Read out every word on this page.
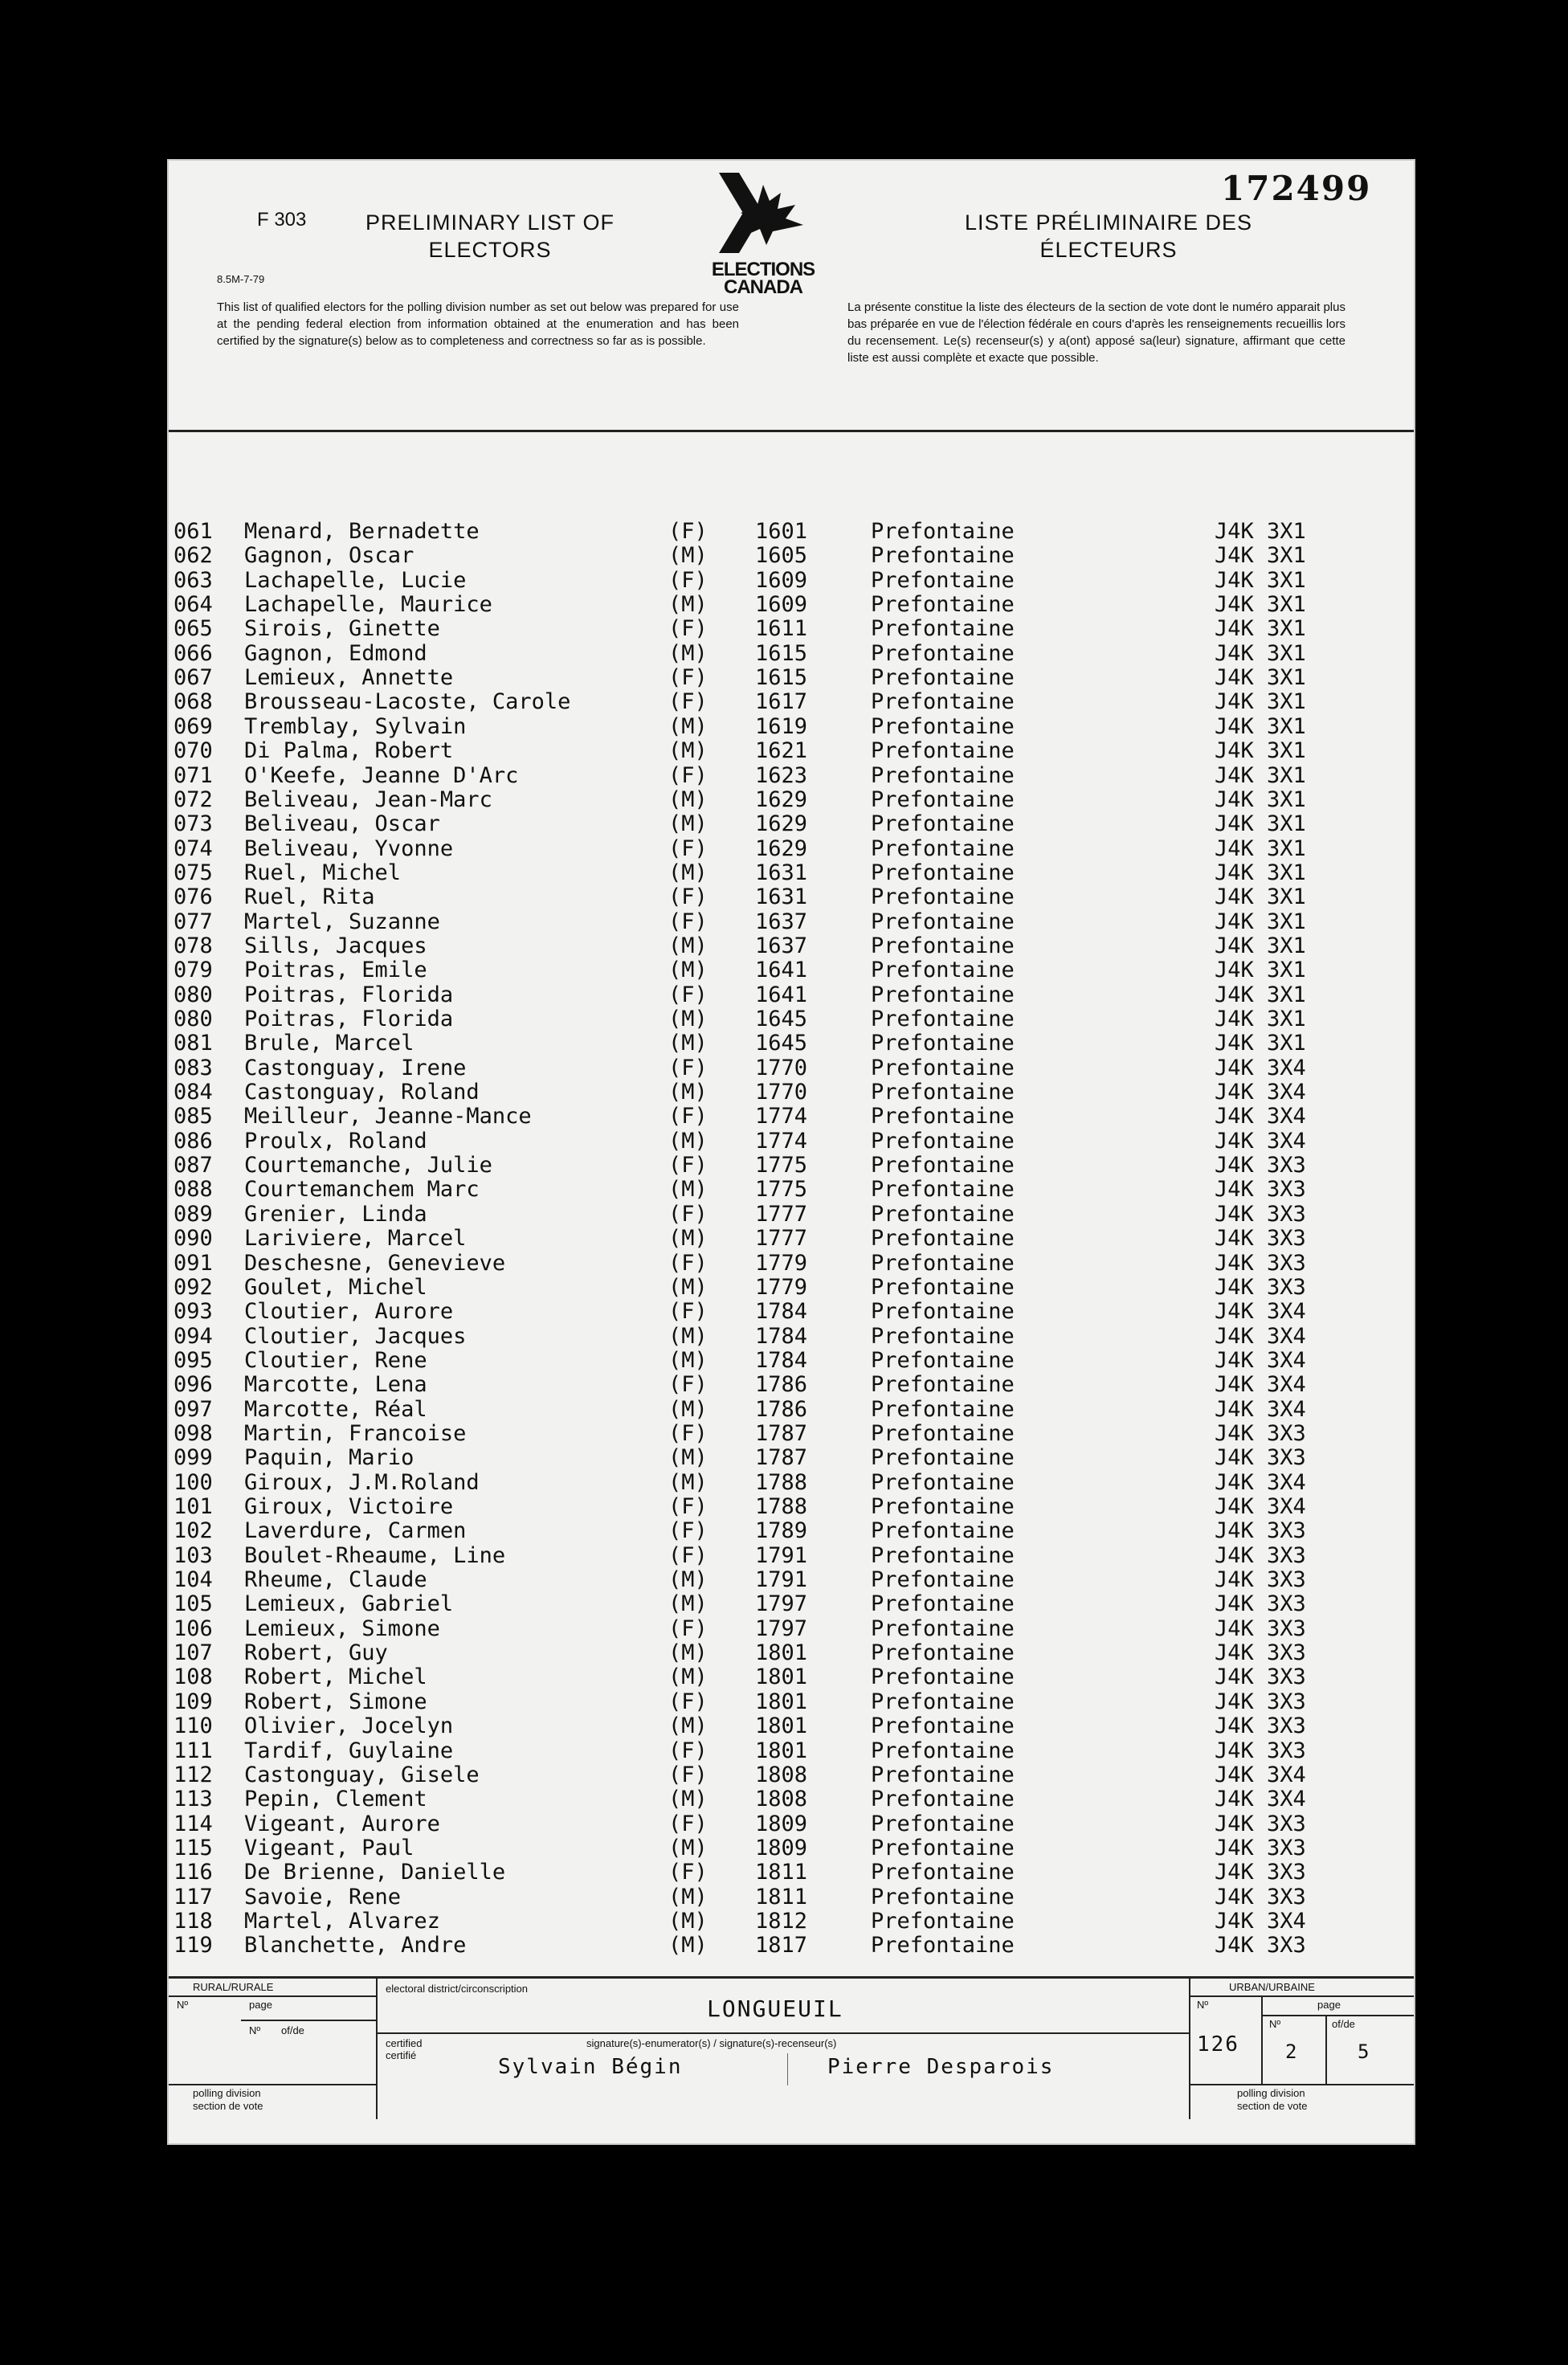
8.5M-7-79
F 303	PRELIMINARY LIST OF
ELECTORS
ELECTIONS
CANADA
172499
LISTE PRÉLIMINAIRE DES
ÉLECTEURS
This list of qualified electors for the polling division number as set out below was prepared for use at the pending federal election from information obtained at the enumeration and has been certified by the signature(s) below as to completeness and correctness so far as is possible.
La présente constitue la liste des électeurs de la section de vote dont le numéro apparait plus bas préparée en vue de l'élection fédérale en cours d'après les renseignements recueillis lors du recensement. Le(s) recenseur(s) y a(ont) apposé sa(leur) signature, affirmant que cette liste est aussi complète et exacte que possible.
061 Menard, Bernadette	(F) 1601	Prefontaine	J4K 3X1
062 Gagnon, Oscar	(M) 1605	Prefontaine	J4K 3X1
063 Lachapelle, Lucie	(F) 1609	Prefontaine	J4K 3X1
064 Lachapelle, Maurice	(M) 1609	Prefontaine	J4K 3X1
065 Sirois, Ginette	(F) 1611	Prefontaine	J4K 3X1
066 Gagnon, Edmond	(M) 1615	Prefontaine	J4K 3X1
067 Lemieux, Annette	(F) 1615	Prefontaine	J4K 3X1
068 Brousseau-Lacoste, Carole	(F) 1617	Prefontaine	J4K 3X1
069 Tremblay, Sylvain	(M) 1619	Prefontaine	J4K 3X1
070 Di Palma, Robert	(M) 1621	Prefontaine	J4K 3X1
071 O'Keefe, Jeanne D'Arc	(F) 1623	Prefontaine	J4K 3X1
072 Beliveau, Jean-Marc	(M) 1629	Prefontaine	J4K 3X1
073 Beliveau, Oscar	(M) 1629	Prefontaine	J4K 3X1
074 Beliveau, Yvonne	(F) 1629	Prefontaine	J4K 3X1
075 Ruel, Michel	(M) 1631	Prefontaine	J4K 3X1
076 Ruel, Rita	(F) 1631	Prefontaine	J4K 3X1
077 Martel, Suzanne	(F) 1637	Prefontaine	J4K 3X1
078 Sills, Jacques	(M) 1637	Prefontaine	J4K 3X1
079 Poitras, Emile	(M) 1641	Prefontaine	J4K 3X1
080 Poitras, Florida	(F) 1641	Prefontaine	J4K 3X1
080 Poitras, Florida	(M) 1645	Prefontaine	J4K 3X1
081 Brule, Marcel	(M) 1645	Prefontaine	J4K 3X1
083 Castonguay, Irene	(F) 1770	Prefontaine	J4K 3X4
084 Castonguay, Roland	(M) 1770	Prefontaine	J4K 3X4
085 Meilleur, Jeanne-Mance	(F) 1774	Prefontaine	J4K 3X4
086 Proulx, Roland	(M) 1774	Prefontaine	J4K 3X4
087 Courtemanche, Julie	(F) 1775	Prefontaine	J4K 3X3
088 Courtemanchem Marc	(M) 1775	Prefontaine	J4K 3X3
089 Grenier, Linda	(F) 1777	Prefontaine	J4K 3X3
090 Lariviere, Marcel	(M) 1777	Prefontaine	J4K 3X3
091 Deschesne, Genevieve	(F) 1779	Prefontaine	J4K 3X3
092 Goulet, Michel	(M) 1779	Prefontaine	J4K 3X3
093 Cloutier, Aurore	(F) 1784	Prefontaine	J4K 3X4
094 Cloutier, Jacques	(M) 1784	Prefontaine	J4K 3X4
095 Cloutier, Rene	(M) 1784	Prefontaine	J4K 3X4
096 Marcotte, Lena	(F) 1786	Prefontaine	J4K 3X4
097 Marcotte, Réal	(M) 1786	Prefontaine	J4K 3X4
098 Martin, Francoise	(F) 1787	Prefontaine	J4K 3X3
099 Paquin, Mario	(M) 1787	Prefontaine	J4K 3X3
100 Giroux, J.M.Roland	(M) 1788	Prefontaine	J4K 3X4
101 Giroux, Victoire	(F) 1788	Prefontaine	J4K 3X4
102 Laverdure, Carmen	(F) 1789	Prefontaine	J4K 3X3
103 Boulet-Rheaume, Line	(F) 1791	Prefontaine	J4K 3X3
104 Rheume, Claude	(M) 1791	Prefontaine	J4K 3X3
105 Lemieux, Gabriel	(M) 1797	Prefontaine	J4K 3X3
106 Lemieux, Simone	(F) 1797	Prefontaine	J4K 3X3
107 Robert, Guy	(M) 1801	Prefontaine	J4K 3X3
108 Robert, Michel	(M) 1801	Prefontaine	J4K 3X3
109 Robert, Simone	(F) 1801	Prefontaine	J4K 3X3
110 Olivier, Jocelyn	(M) 1801	Prefontaine	J4K 3X3
111 Tardif, Guylaine	(F) 1801	Prefontaine	J4K 3X3
112 Castonguay, Gisele	(F) 1808	Prefontaine	J4K 3X4
113 Pepin, Clement	(M) 1808	Prefontaine	J4K 3X4
114 Vigeant, Aurore	(F) 1809	Prefontaine	J4K 3X3
115 Vigeant, Paul	(M) 1809	Prefontaine	J4K 3X3
116 De Brienne, Danielle	(F) 1811	Prefontaine	J4K 3X3
117 Savoie, Rene	(M) 1811	Prefontaine	J4K 3X3
118 Martel, Alvarez	(M) 1812	Prefontaine	J4K 3X4
119 Blanchette, Andre	(M) 1817	Prefontaine	J4K 3X3
RURAL/RURALE
Nº	page
Nº of/de
polling division
section de vote
electoral district/circonscription
LONGUEUIL
certified certifié
signature(s)-enumerator(s) / signature(s)-recenseur(s)
Sylvain Bégin	Pierre Desparois
URBAN/URBAINE
Nº	page
126
Nº
2
of/de
5
polling division
section de vote
